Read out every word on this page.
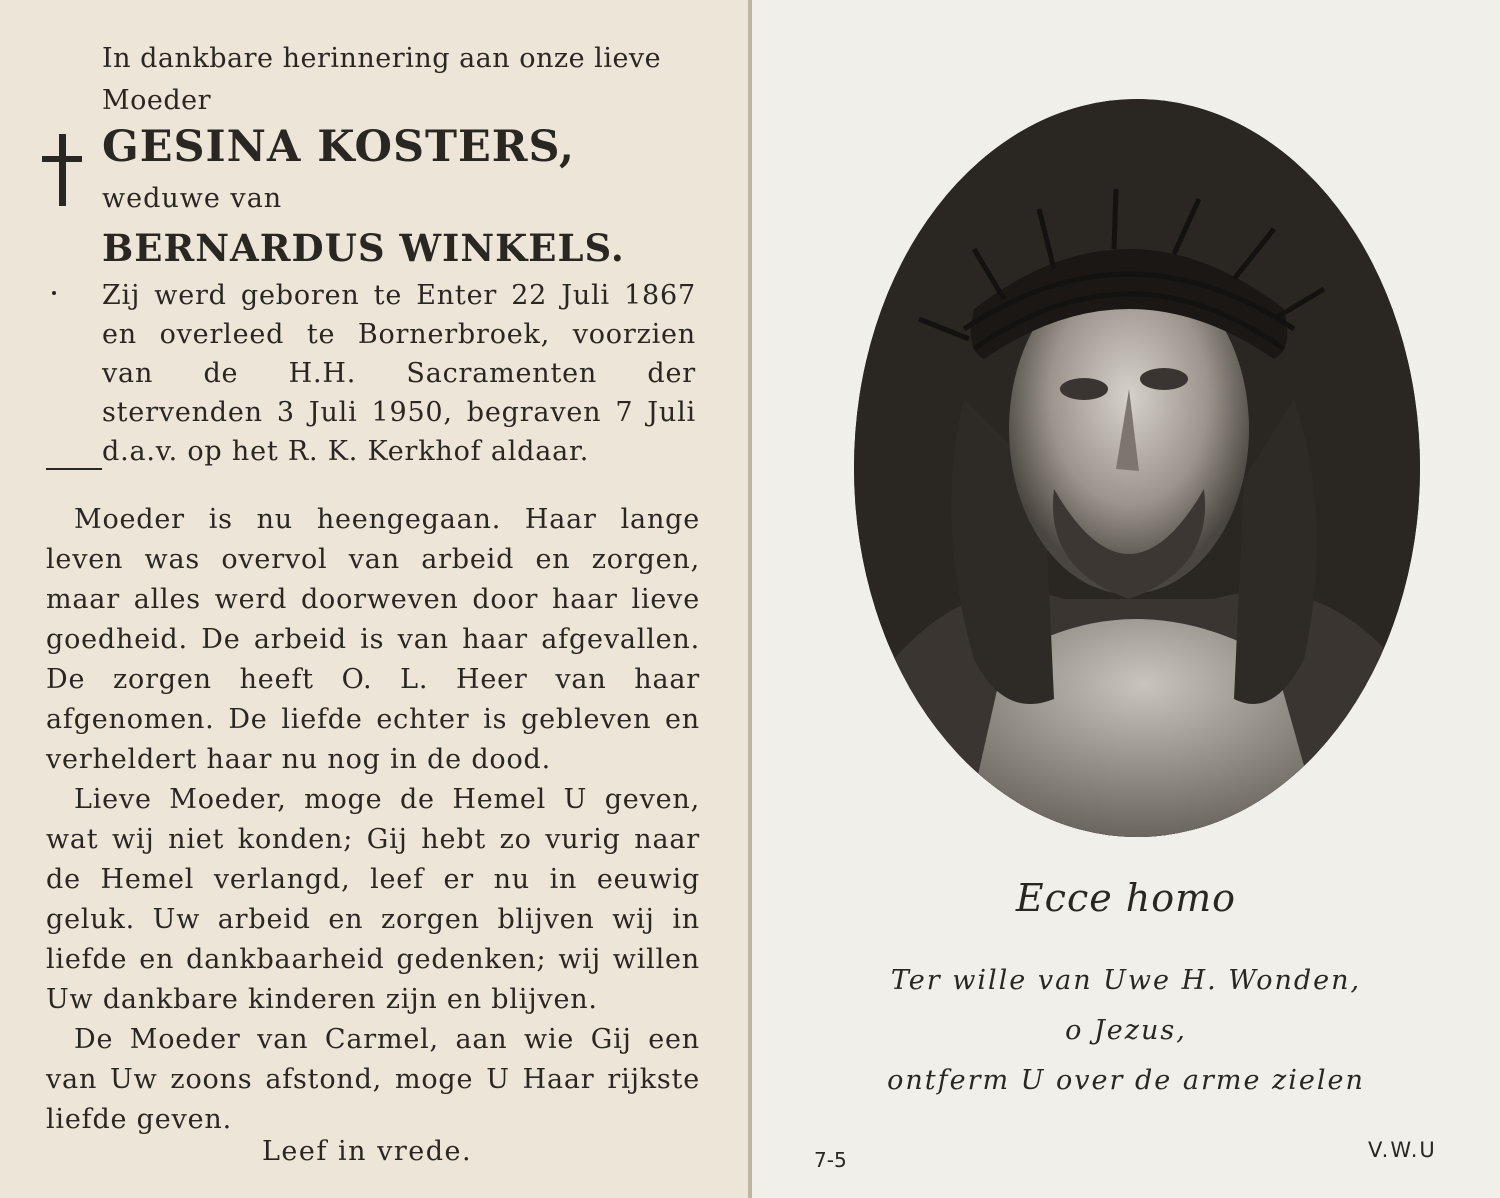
In dankbare herinnering aan onze lieve Moeder
GESINA KOSTERS,
weduwe van
BERNARDUS WINKELS.
Zij werd geboren te Enter 22 Juli 1867 en overleed te Bornerbroek, voorzien van de H.H. Sacramenten der stervenden 3 Juli 1950, begraven 7 Juli d.a.v. op het R. K. Kerkhof aldaar.

Moeder is nu heengegaan. Haar lange leven was overvol van arbeid en zorgen, maar alles werd doorweven door haar lieve goedheid. De arbeid is van haar afgevallen. De zorgen heeft O. L. Heer van haar afgenomen. De liefde echter is gebleven en verheldert haar nu nog in de dood.

Lieve Moeder, moge de Hemel U geven, wat wij niet konden; Gij hebt zo vurig naar de Hemel verlangd, leef er nu in eeuwig geluk. Uw arbeid en zorgen blijven wij in liefde en dankbaarheid gedenken; wij willen Uw dankbare kinderen zijn en blijven.

De Moeder van Carmel, aan wie Gij een van Uw zoons afstond, moge U Haar rijkste liefde geven.

Leef in vrede.
Ecce homo
Ter wille van Uwe H. Wonden,
o Jezus,
ontferm U over de arme zielen
7-5	V.W.U
